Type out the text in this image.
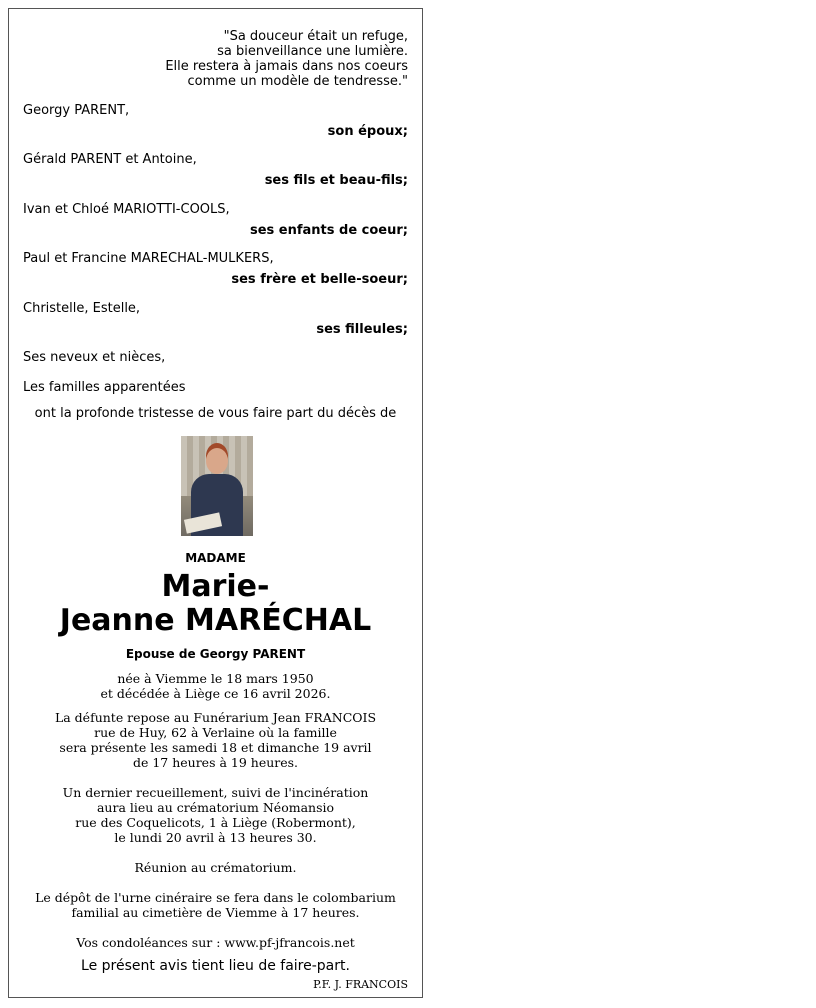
"Sa douceur était un refuge,
sa bienveillance une lumière.
Elle restera à jamais dans nos coeurs
comme un modèle de tendresse."
Georgy PARENT,
son époux;
Gérald PARENT et Antoine,
ses fils et beau-fils;
Ivan et Chloé MARIOTTI-COOLS,
ses enfants de coeur;
Paul et Francine MARECHAL-MULKERS,
ses frère et belle-soeur;
Christelle, Estelle,
ses filleules;
Ses neveux et nièces,
Les familles apparentées
ont la profonde tristesse de vous faire part du décès de
MADAME
Marie-
Jeanne MARÉCHAL
Epouse de Georgy PARENT
née à Viemme le 18 mars 1950
et décédée à Liège ce 16 avril 2026.
La défunte repose au Funérarium Jean FRANCOIS
rue de Huy, 62 à Verlaine où la famille
sera présente les samedi 18 et dimanche 19 avril
de 17 heures à 19 heures.
Un dernier recueillement, suivi de l'incinération
aura lieu au crématorium Néomansio
rue des Coquelicots, 1 à Liège (Robermont),
le lundi 20 avril à 13 heures 30.
Réunion au crématorium.
Le dépôt de l'urne cinéraire se fera dans le colombarium
familial au cimetière de Viemme à 17 heures.
Vos condoléances sur : www.pf-jfrancois.net
Le présent avis tient lieu de faire-part.
P.F. J. FRANCOIS
